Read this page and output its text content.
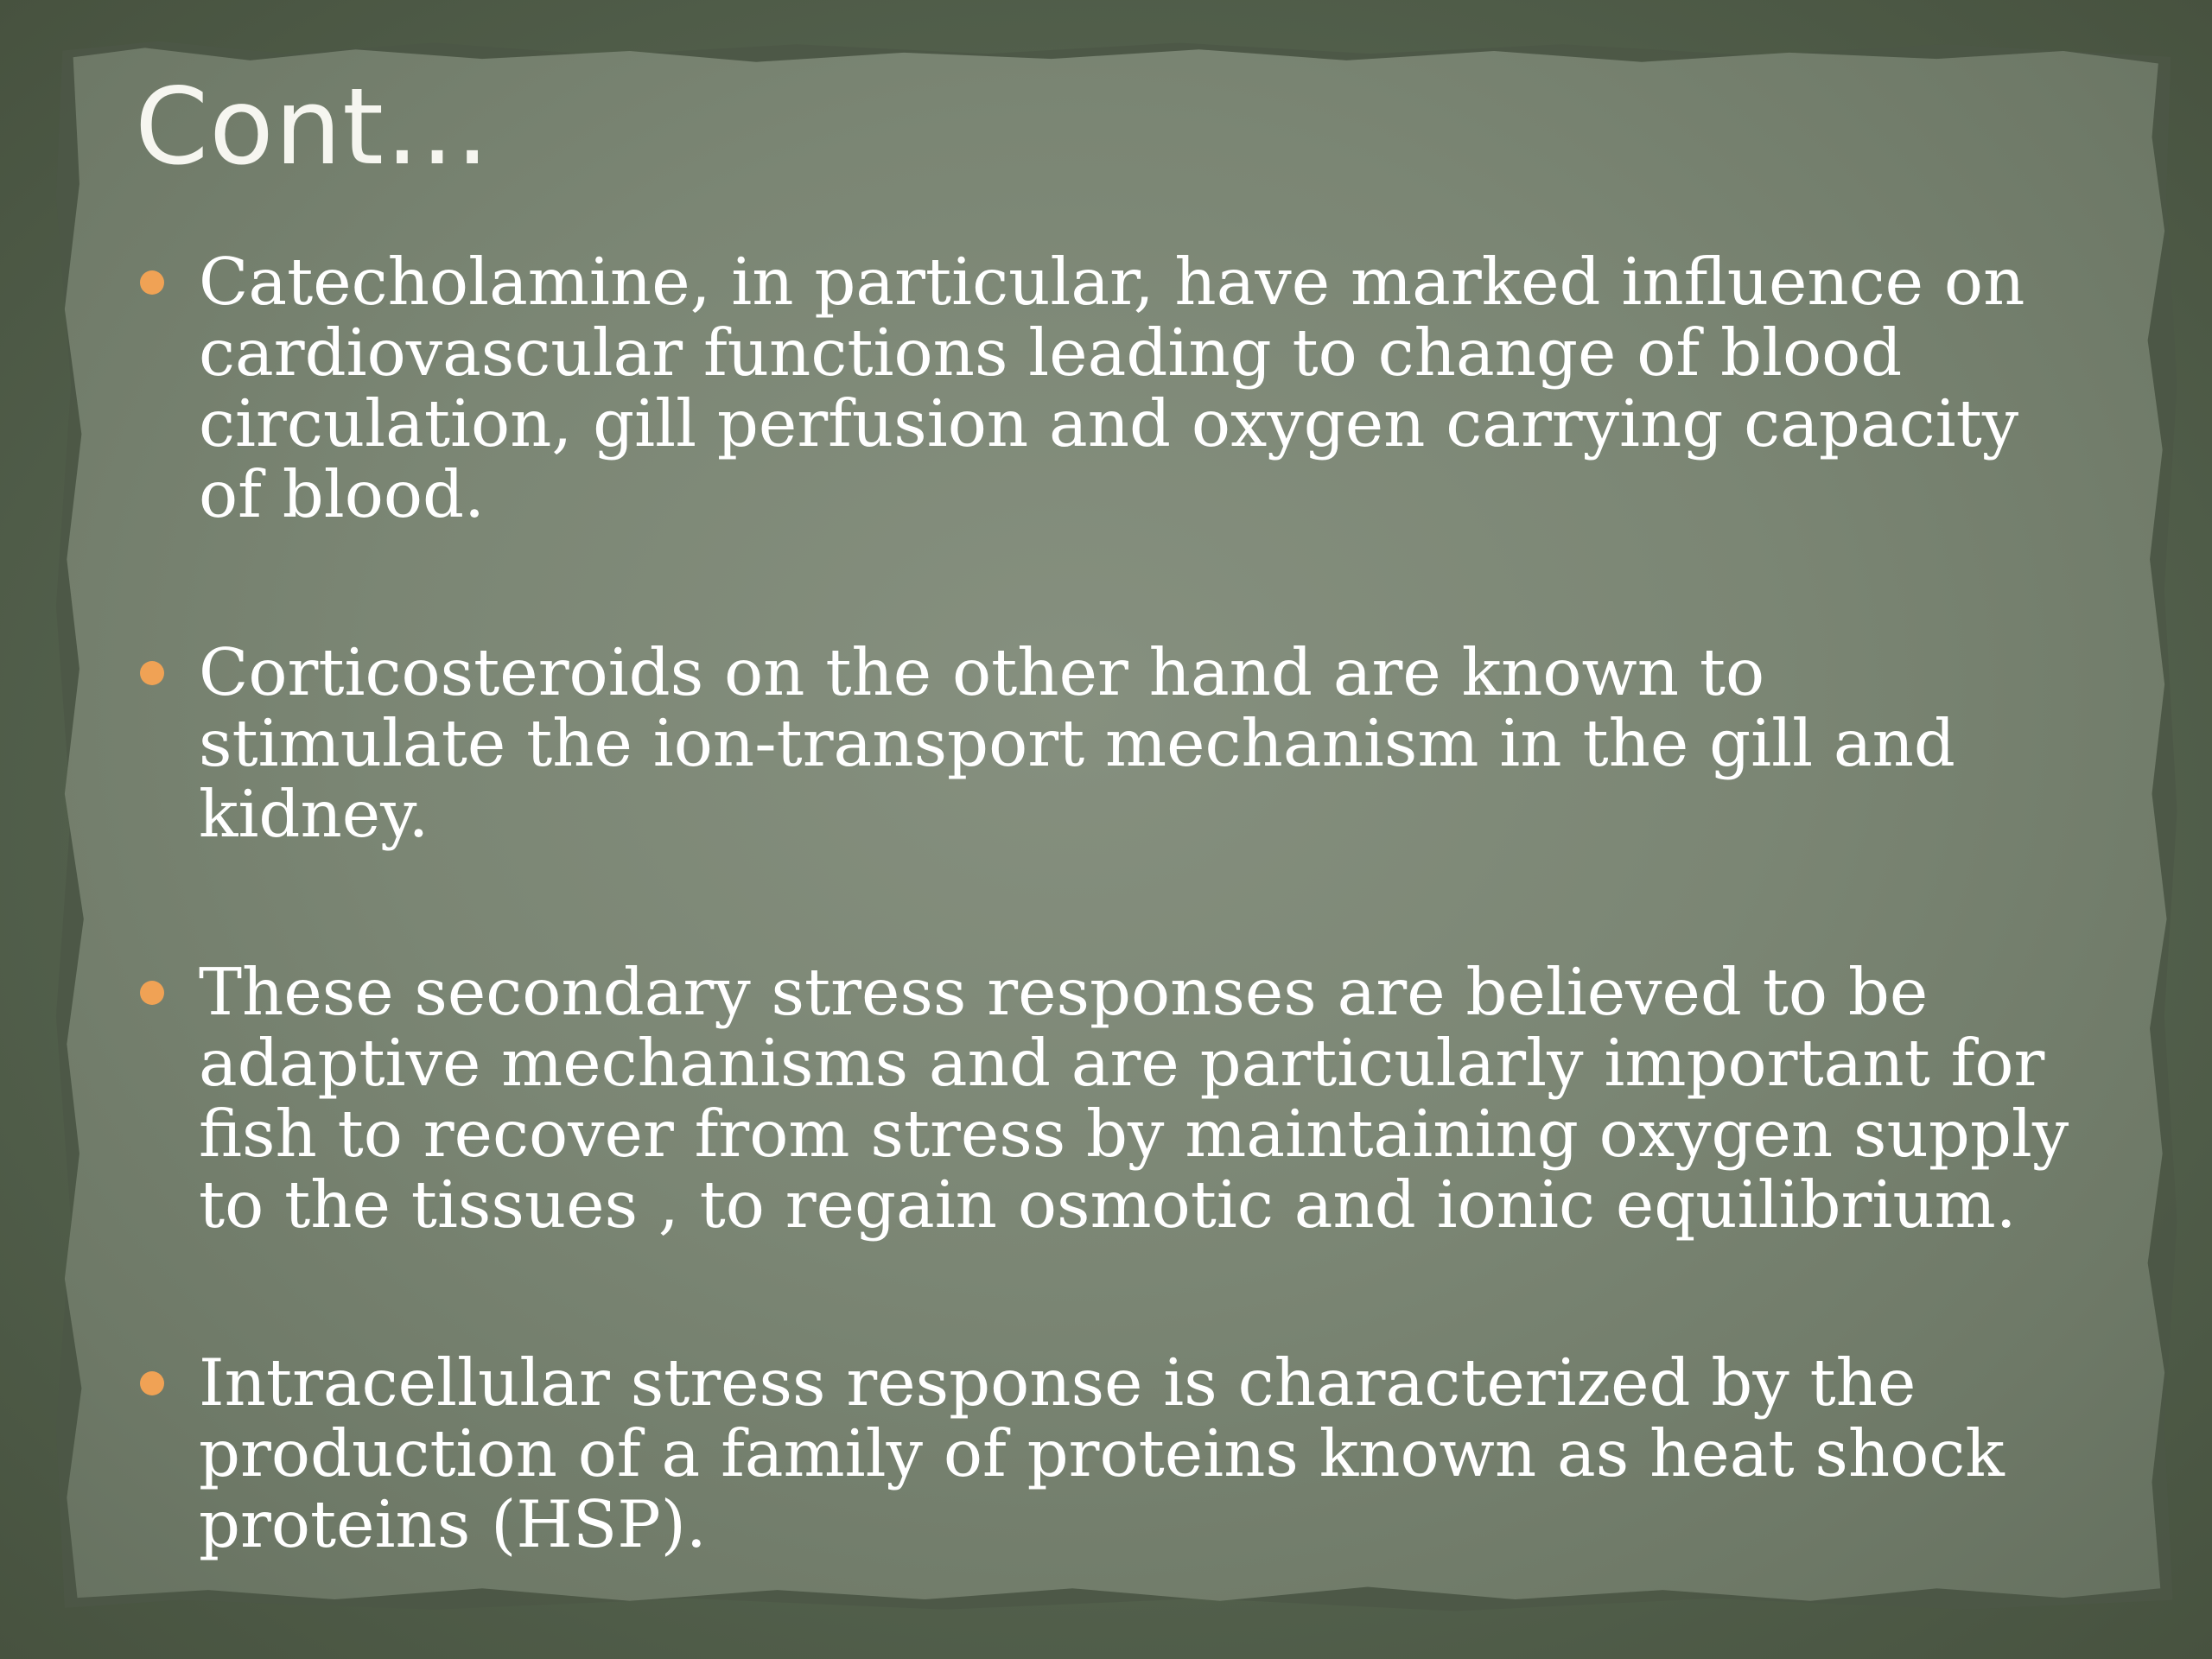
Cont…
Catecholamine, in particular, have marked influence on cardiovascular functions leading to change of blood circulation, gill perfusion and oxygen carrying capacity of blood.
Corticosteroids on the other hand are known to stimulate the ion-transport mechanism in the gill and kidney.
These secondary stress responses are believed to be adaptive mechanisms and are particularly important for fish to recover from stress by maintaining oxygen supply to the tissues , to regain osmotic and ionic equilibrium.
Intracellular stress response is characterized by the production of a family of proteins known as heat shock proteins (HSP).
